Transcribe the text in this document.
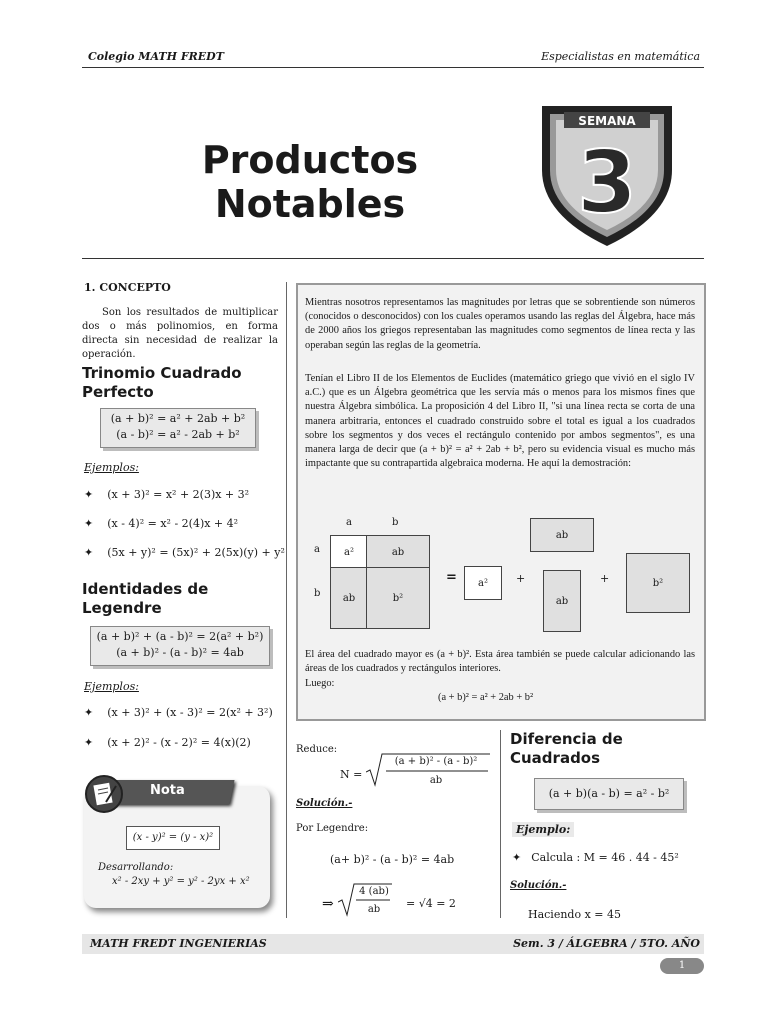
Colegio MATH FREDT	Especialistas en matemática
Productos
Notables
SEMANA
3
1. CONCEPTO
Son los resultados de multiplicar dos o más polinomios, en forma directa sin necesidad de realizar la operación.
Trinomio Cuadrado Perfecto
(a + b)² = a² + 2ab + b²
(a - b)² = a² - 2ab + b²
Ejemplos:
✦ (x + 3)² = x² + 2(3)x + 3²
✦ (x - 4)² = x² - 2(4)x + 4²
✦ (5x + y)² = (5x)² + 2(5x)(y) + y²
Identidades de Legendre
(a + b)² + (a - b)² = 2(a² + b²)
(a + b)² - (a - b)² = 4ab
Ejemplos:
✦ (x + 3)² + (x - 3)² = 2(x² + 3²)
✦ (x + 2)² - (x - 2)² = 4(x)(2)
Nota
(x - y)² = (y - x)²
Desarrollando:
x² - 2xy + y² = y² - 2yx + x²
Mientras nosotros representamos las magnitudes por letras que se sobrentiende son números (conocidos o desconocidos) con los cuales operamos usando las reglas del Álgebra, hace más de 2000 años los griegos representaban las magnitudes como segmentos de línea recta y las operaban según las reglas de la geometría.
Tenían el Libro II de los Elementos de Euclides (matemático griego que vivió en el siglo IV a.C.) que es un Álgebra geométrica que les servía más o menos para los mismos fines que nuestra Álgebra simbólica. La proposición 4 del Libro II, "si una línea recta se corta de una manera arbitraria, entonces el cuadrado construido sobre el total es igual a los cuadrados sobre los segmentos y dos veces el rectángulo contenido por ambos segmentos", es una manera larga de decir que (a + b)² = a² + 2ab + b², pero su evidencia visual es mucho más impactante que su contrapartida algebraica moderna. He aquí la demostración:
a	b
a
b
a²	ab
ab	b²
=	a²	+
ab
ab
+	b²
El área del cuadrado mayor es (a + b)². Esta área también se puede calcular adicionando las áreas de los cuadrados y rectángulos interiores.
Luego:
(a + b)² = a² + 2ab + b²
Reduce:
N =
(a + b)² - (a - b)²
ab
Solución.-
Por Legendre:
(a+ b)² - (a - b)² = 4ab
⇒
4 (ab)
ab	= √4 = 2
Diferencia de Cuadrados
(a + b)(a - b) = a² - b²
Ejemplo:
✦ Calcula : M = 46 . 44 - 45²
Solución.-
Haciendo x = 45
MATH FREDT INGENIERIAS	Sem. 3 / ÁLGEBRA / 5TO. AÑO
1
